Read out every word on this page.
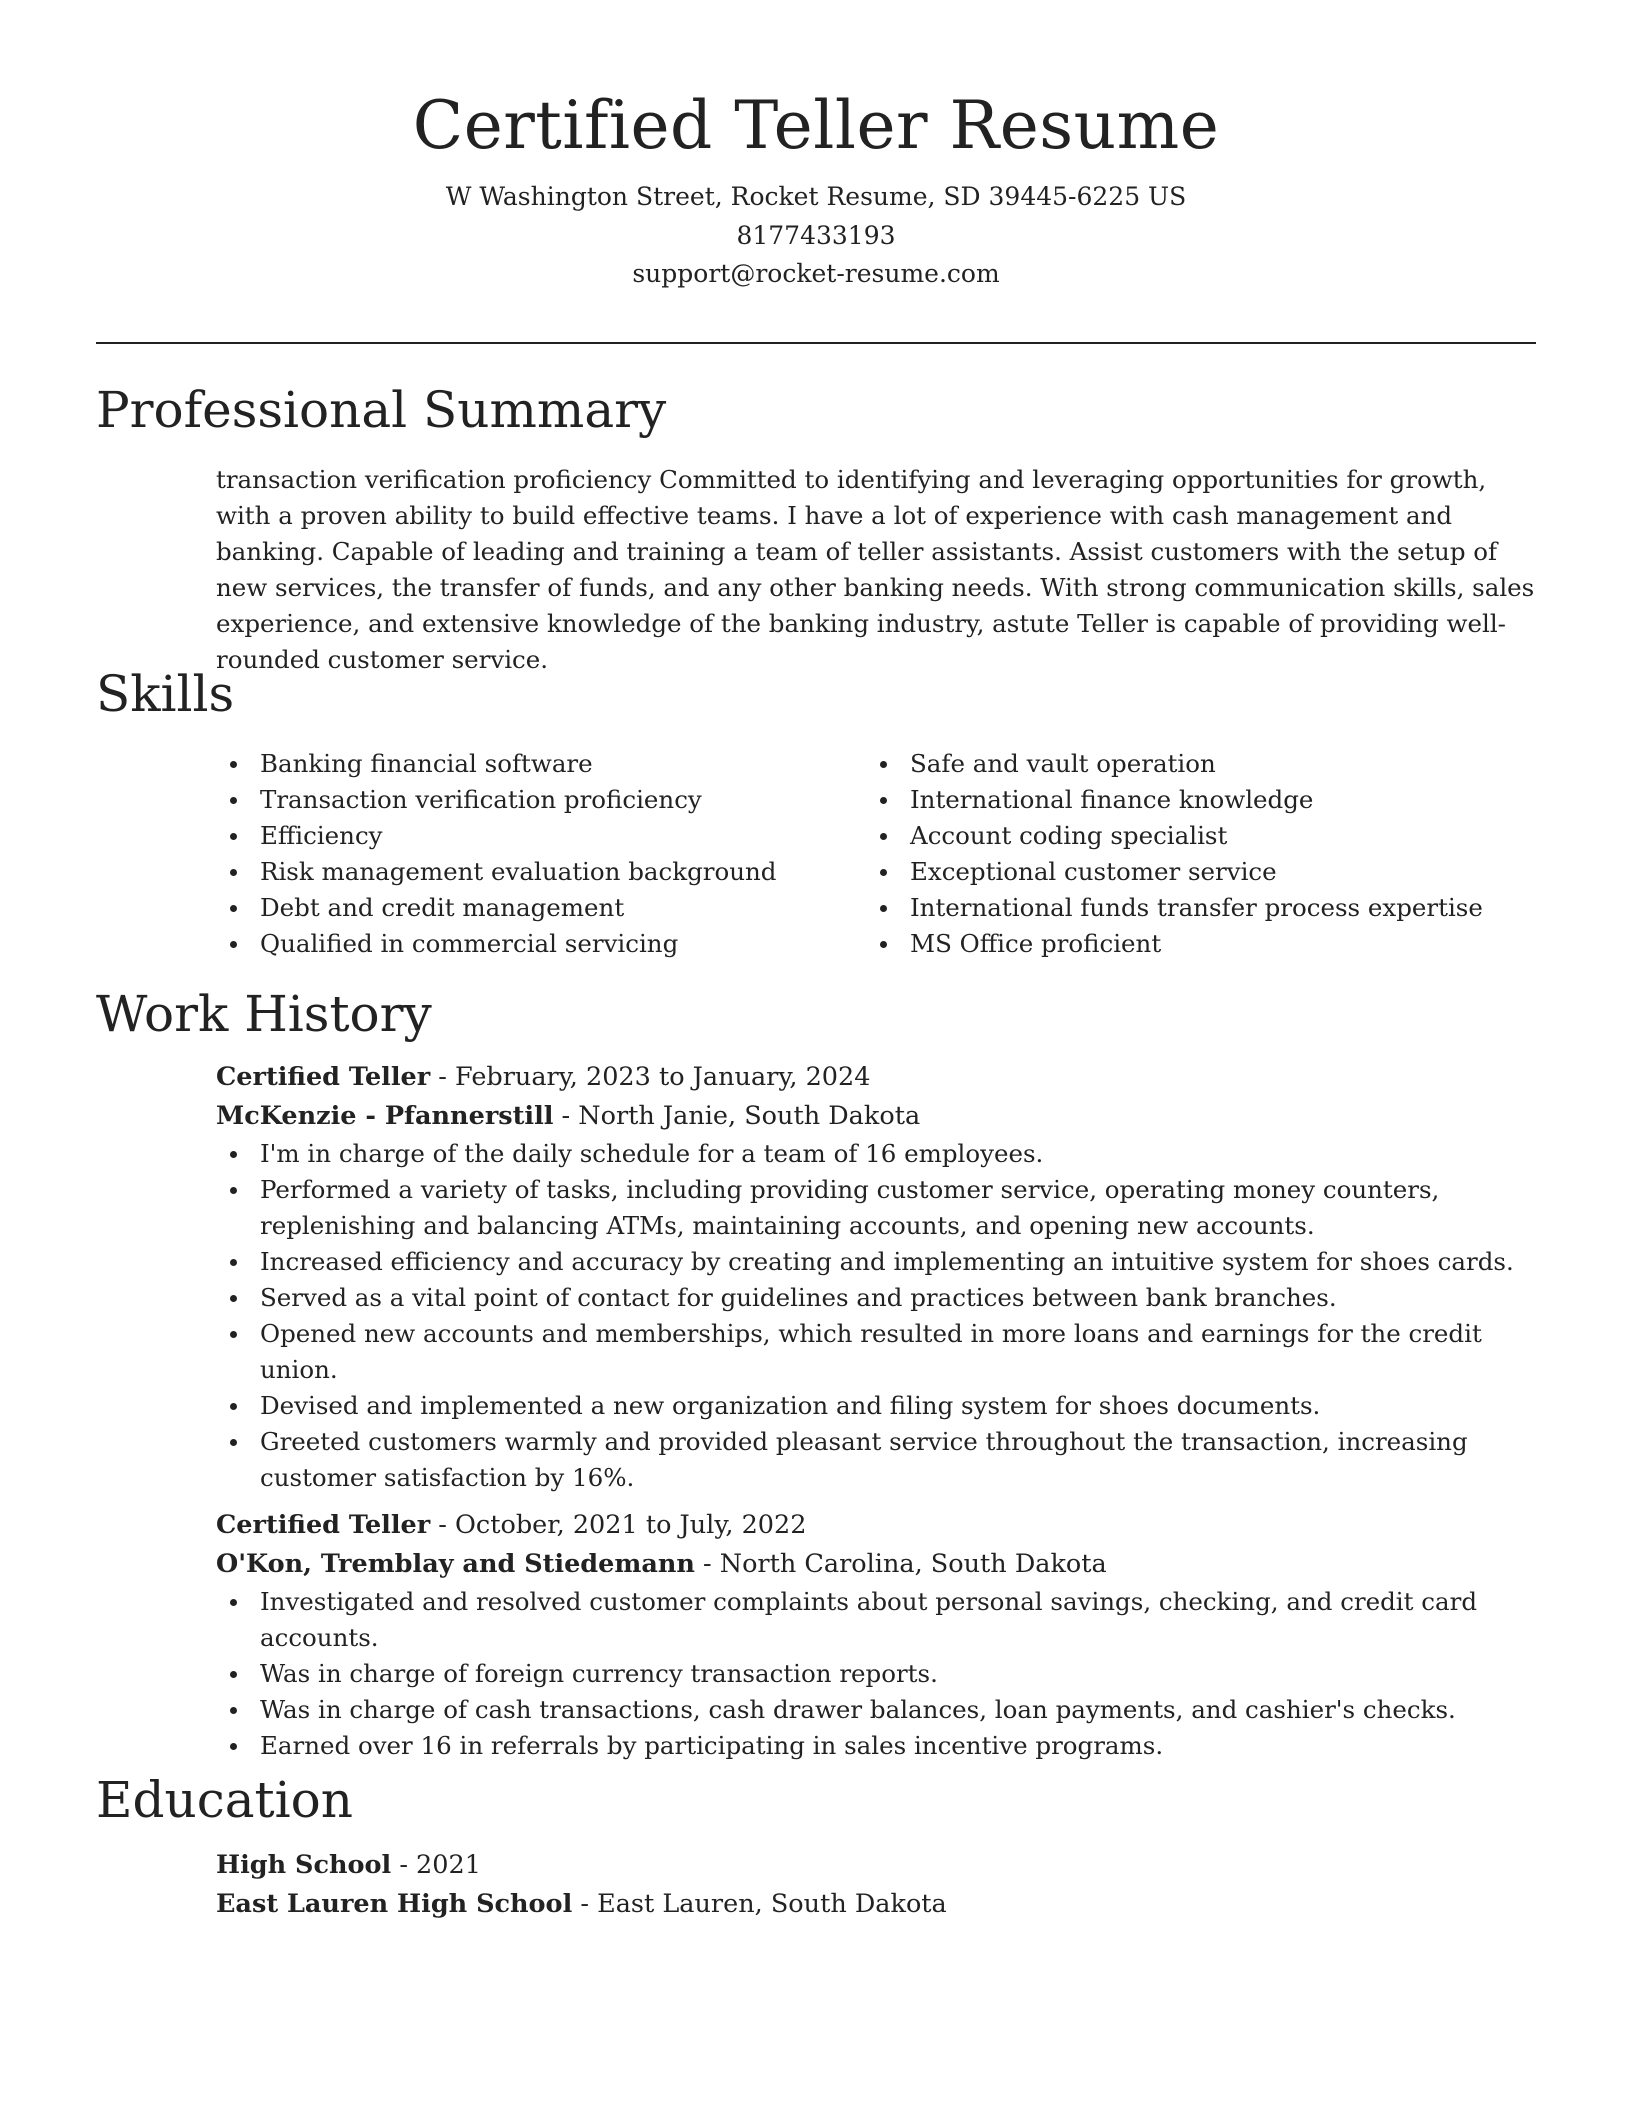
Certified Teller Resume
W Washington Street, Rocket Resume, SD 39445-6225 US
8177433193
support@rocket-resume.com
Professional Summary
transaction verification proficiency Committed to identifying and leveraging opportunities for growth, with a proven ability to build effective teams. I have a lot of experience with cash management and banking. Capable of leading and training a team of teller assistants. Assist customers with the setup of new services, the transfer of funds, and any other banking needs. With strong communication skills, sales experience, and extensive knowledge of the banking industry, astute Teller is capable of providing well-rounded customer service.
Skills
Banking financial software
Transaction verification proficiency
Efficiency
Risk management evaluation background
Debt and credit management
Qualified in commercial servicing
Safe and vault operation
International finance knowledge
Account coding specialist
Exceptional customer service
International funds transfer process expertise
MS Office proficient
Work History
Certified Teller - February, 2023 to January, 2024
McKenzie - Pfannerstill - North Janie, South Dakota
I'm in charge of the daily schedule for a team of 16 employees.
Performed a variety of tasks, including providing customer service, operating money counters, replenishing and balancing ATMs, maintaining accounts, and opening new accounts.
Increased efficiency and accuracy by creating and implementing an intuitive system for shoes cards.
Served as a vital point of contact for guidelines and practices between bank branches.
Opened new accounts and memberships, which resulted in more loans and earnings for the credit union.
Devised and implemented a new organization and filing system for shoes documents.
Greeted customers warmly and provided pleasant service throughout the transaction, increasing customer satisfaction by 16%.
Certified Teller - October, 2021 to July, 2022
O'Kon, Tremblay and Stiedemann - North Carolina, South Dakota
Investigated and resolved customer complaints about personal savings, checking, and credit card accounts.
Was in charge of foreign currency transaction reports.
Was in charge of cash transactions, cash drawer balances, loan payments, and cashier's checks.
Earned over 16 in referrals by participating in sales incentive programs.
Education
High School - 2021
East Lauren High School - East Lauren, South Dakota
